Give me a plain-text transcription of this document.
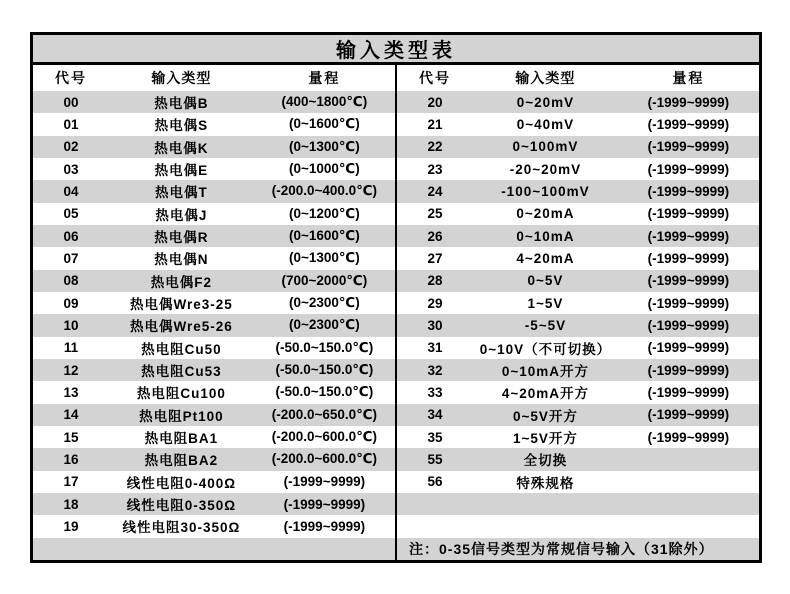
输入类型表
代号	输入类型	量程
00	热电偶B	(400~1800℃)
01	热电偶S	(0~1600℃)
02	热电偶K	(0~1300℃)
03	热电偶E	(0~1000℃)
04	热电偶T	(-200.0~400.0℃)
05	热电偶J	(0~1200℃)
06	热电偶R	(0~1600℃)
07	热电偶N	(0~1300℃)
08	热电偶F2	(700~2000℃)
09	热电偶Wre3-25	(0~2300℃)
10	热电偶Wre5-26	(0~2300℃)
11	热电阻Cu50	(-50.0~150.0℃)
12	热电阻Cu53	(-50.0~150.0℃)
13	热电阻Cu100	(-50.0~150.0℃)
14	热电阻Pt100	(-200.0~650.0℃)
15	热电阻BA1	(-200.0~600.0℃)
16	热电阻BA2	(-200.0~600.0℃)
17	线性电阻0-400Ω	(-1999~9999)
18	线性电阻0-350Ω	(-1999~9999)
19	线性电阻30-350Ω	(-1999~9999)
代号	输入类型	量程
20	0~20mV	(-1999~9999)
21	0~40mV	(-1999~9999)
22	0~100mV	(-1999~9999)
23	-20~20mV	(-1999~9999)
24	-100~100mV	(-1999~9999)
25	0~20mA	(-1999~9999)
26	0~10mA	(-1999~9999)
27	4~20mA	(-1999~9999)
28	0~5V	(-1999~9999)
29	1~5V	(-1999~9999)
30	-5~5V	(-1999~9999)
31	0~10V（不可切换）	(-1999~9999)
32	0~10mA开方	(-1999~9999)
33	4~20mA开方	(-1999~9999)
34	0~5V开方	(-1999~9999)
35	1~5V开方	(-1999~9999)
55	全切换
56	特殊规格
注：0-35信号类型为常规信号输入（31除外）
